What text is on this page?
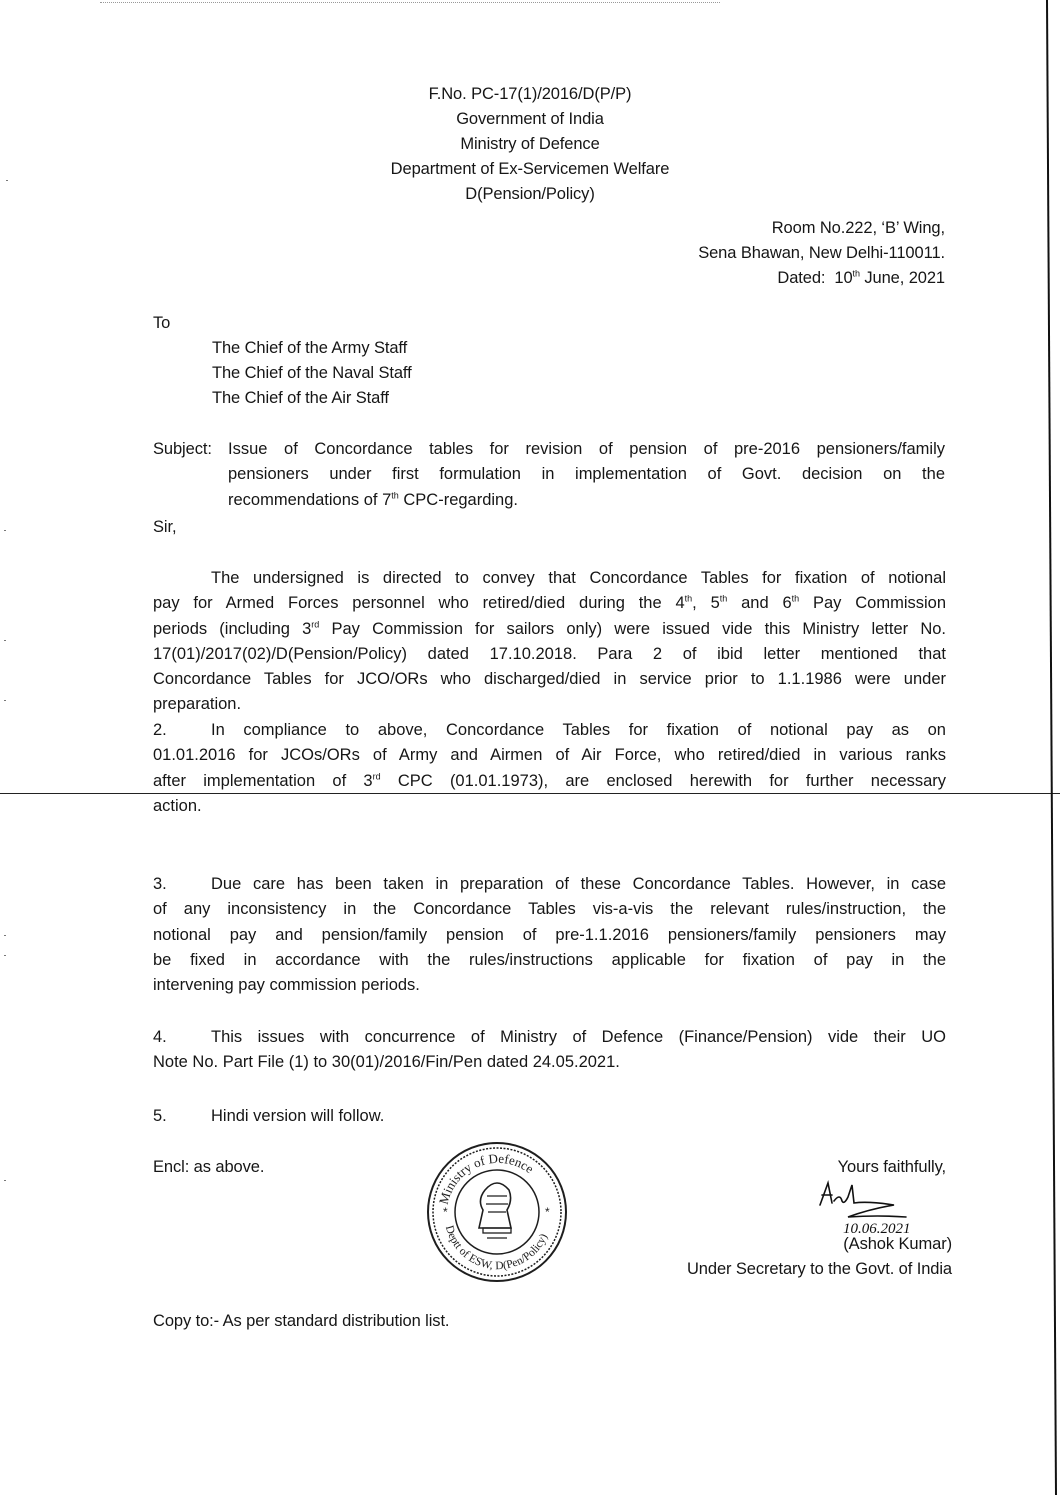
F.No. PC-17(1)/2016/D(P/P)
Government of India
Ministry of Defence
Department of Ex-Servicemen Welfare
D(Pension/Policy)
Room No.222, ‘B’ Wing,
Sena Bhawan, New Delhi-110011.
Dated: 10th June, 2021
To
The Chief of the Army Staff
The Chief of the Naval Staff
The Chief of the Air Staff
Subject: Issue of Concordance tables for revision of pension of pre-2016 pensioners/family
pensioners under first formulation in implementation of Govt. decision on the
recommendations of 7th CPC-regarding.
Sir,
The undersigned is directed to convey that Concordance Tables for fixation of notional
pay for Armed Forces personnel who retired/died during the 4th, 5th and 6th Pay Commission
periods (including 3rd Pay Commission for sailors only) were issued vide this Ministry letter No.
17(01)/2017(02)/D(Pension/Policy) dated 17.10.2018. Para 2 of ibid letter mentioned that
Concordance Tables for JCO/ORs who discharged/died in service prior to 1.1.1986 were under
preparation.
2.	In compliance to above, Concordance Tables for fixation of notional pay as on
01.01.2016 for JCOs/ORs of Army and Airmen of Air Force, who retired/died in various ranks
after implementation of 3rd CPC (01.01.1973), are enclosed herewith for further necessary
action.
3.	Due care has been taken in preparation of these Concordance Tables. However, in case
of any inconsistency in the Concordance Tables vis-a-vis the relevant rules/instruction, the
notional pay and pension/family pension of pre-1.1.2016 pensioners/family pensioners may
be fixed in accordance with the rules/instructions applicable for fixation of pay in the
intervening pay commission periods.
4.	This issues with concurrence of Ministry of Defence (Finance/Pension) vide their UO
Note No. Part File (1) to 30(01)/2016/Fin/Pen dated 24.05.2021.
5.	Hindi version will follow.
Encl: as above.
Ministry of Defence
Deptt of ESW, D(Pen/Policy)
*	*
Yours faithfully,
10.06.2021
(Ashok Kumar)
Under Secretary to the Govt. of India
Copy to:- As per standard distribution list.
